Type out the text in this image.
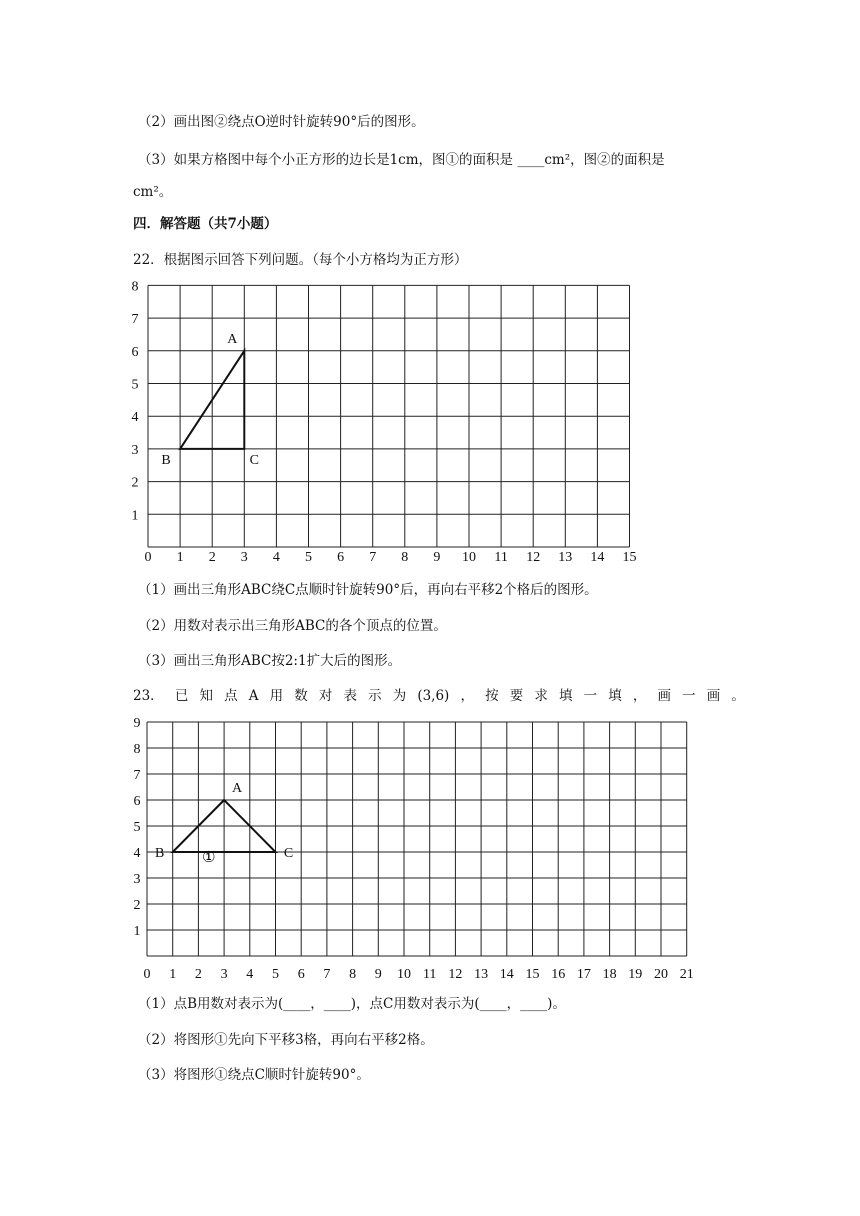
（2）画出图②绕点O逆时针旋转90°后的图形。
（3）如果方格图中每个小正方形的边长是1cm，图①的面积是 ____cm²，图②的面积是
cm²。
四．解答题（共7小题）
22．根据图示回答下列问题。（每个小方格均为正方形）
0 1 2 3 4 5 6 7 8 9 10 11 12 13 14 15
1
2
3
4
5
6
7
8
A
B	C
（1）画出三角形ABC绕C点顺时针旋转90°后，再向右平移2个格后的图形。
（2）用数对表示出三角形ABC的各个顶点的位置。
（3）画出三角形ABC按2:1扩大后的图形。
23． 已 知 点 A 用 数 对 表 示 为 (3,6) ， 按 要 求 填 一 填 ， 画 一 画 。
0 1 2 3 4 5 6 7 8 9 10 11 12 13 14 15 16 17 18 19 20 21
1
2
3
4
5
6
7
8
9
A
B	C
①
（1）点B用数对表示为(____，____)，点C用数对表示为(____，____)。
（2）将图形①先向下平移3格，再向右平移2格。
（3）将图形①绕点C顺时针旋转90°。
